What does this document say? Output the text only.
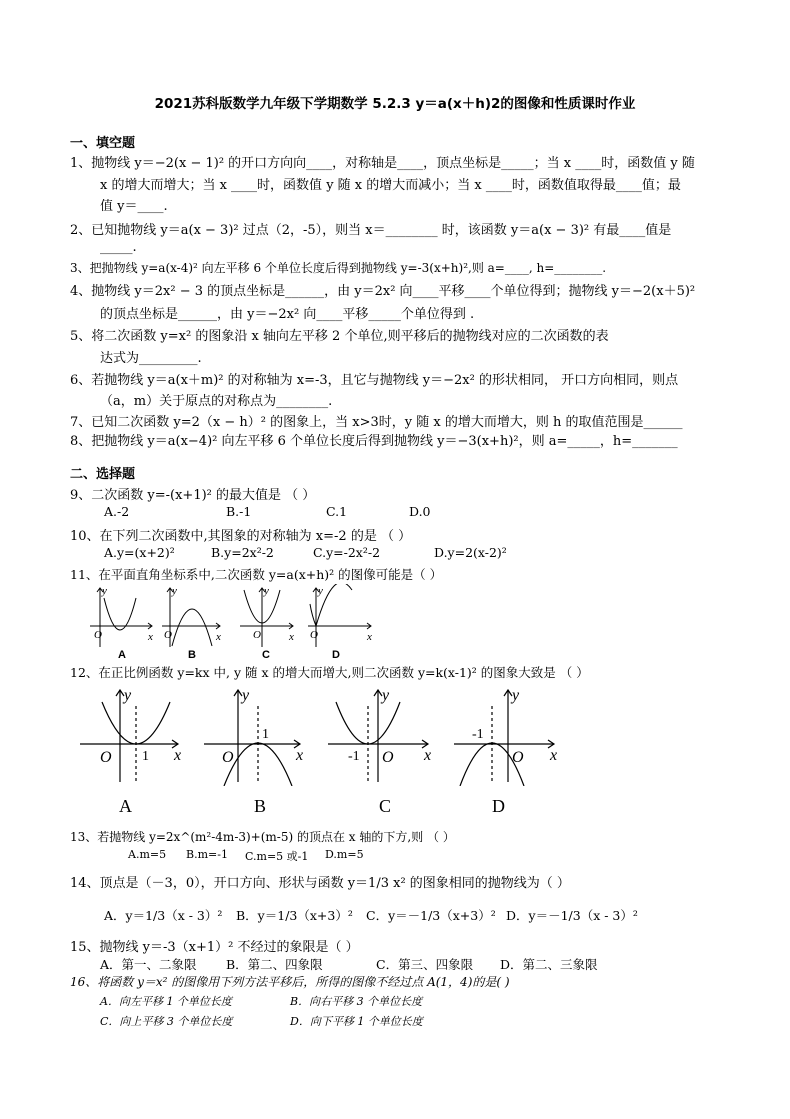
2021苏科版数学九年级下学期数学 5.2.3 y＝a(x＋h)2的图像和性质课时作业
一、填空题
1、抛物线 y＝−2(x − 1)² 的开口方向向____，对称轴是____，顶点坐标是_____；当 x ____时，函数值 y 随
x 的增大而增大；当 x ____时，函数值 y 随 x 的增大而减小；当 x ____时，函数值取得最____值；最
值 y＝____.
2、已知抛物线 y＝a(x − 3)² 过点（2，-5），则当 x＝________ 时，该函数 y＝a(x − 3)² 有最____值是
_____.
3、把抛物线 y=a(x-4)² 向左平移 6 个单位长度后得到抛物线 y=-3(x+h)²,则 a=____, h=________.
4、抛物线 y＝2x² − 3 的顶点坐标是______，由 y＝2x² 向____平移____个单位得到；抛物线 y＝−2(x＋5)²
的顶点坐标是______，由 y＝−2x² 向____平移_____个单位得到 .
5、将二次函数 y=x² 的图象沿 x 轴向左平移 2 个单位,则平移后的抛物线对应的二次函数的表
达式为_________.
6、若抛物线 y＝a(x＋m)² 的对称轴为 x=-3，且它与抛物线 y＝−2x² 的形状相同， 开口方向相同，则点
（a，m）关于原点的对称点为________.
7、已知二次函数 y=2（x − h）² 的图象上，当 x>3时，y 随 x 的增大而增大，则 h 的取值范围是______
8、把抛物线 y＝a(x−4)² 向左平移 6 个单位长度后得到抛物线 y＝−3(x+h)²，则 a=_____，h=_______
二、选择题
9、二次函数 y=-(x+1)² 的最大值是 （ ）
A.-2	B.-1	C.1	D.0
10、在下列二次函数中,其图象的对称轴为 x=-2 的是 （ ）
A.y=(x+2)²	B.y=2x²-2	C.y=-2x²-2	D.y=2(x-2)²
11、在平面直角坐标系中,二次函数 y=a(x+h)² 的图像可能是（ ）
O	x
y
O	x
y
O	x
y
O	x
y
A	B	C	D
12、在正比例函数 y=kx 中, y 随 x 的增大而增大,则二次函数 y=k(x-1)² 的图象大致是 （ ）
O	x
y
O	x
y
O x
y
O x
y
1
1
-1
-1
A	B	C	D
13、若抛物线 y=2x^(m²-4m-3)+(m-5) 的顶点在 x 轴的下方,则 （ ）
A.m=5 B.m=-1 C.m=5 或-1 D.m=5
14、顶点是（－3，0），开口方向、形状与函数 y＝1/3 x² 的图象相同的抛物线为（ ）
A．y＝1/3（x - 3）² B．y＝1/3（x+3）² C．y＝－1/3（x+3）² D．y＝－1/3（x - 3）²
15、抛物线 y＝-3（x+1）² 不经过的象限是（ ）
A．第一、二象限 B．第二、四象限	C．第三、四象限 D．第二、三象限
16、将函数 y＝x² 的图像用下列方法平移后，所得的图像不经过点 A(1，4)的是( )
A．向左平移 1 个单位长度	B．向右平移 3 个单位长度
C．向上平移 3 个单位长度	D．向下平移 1 个单位长度
